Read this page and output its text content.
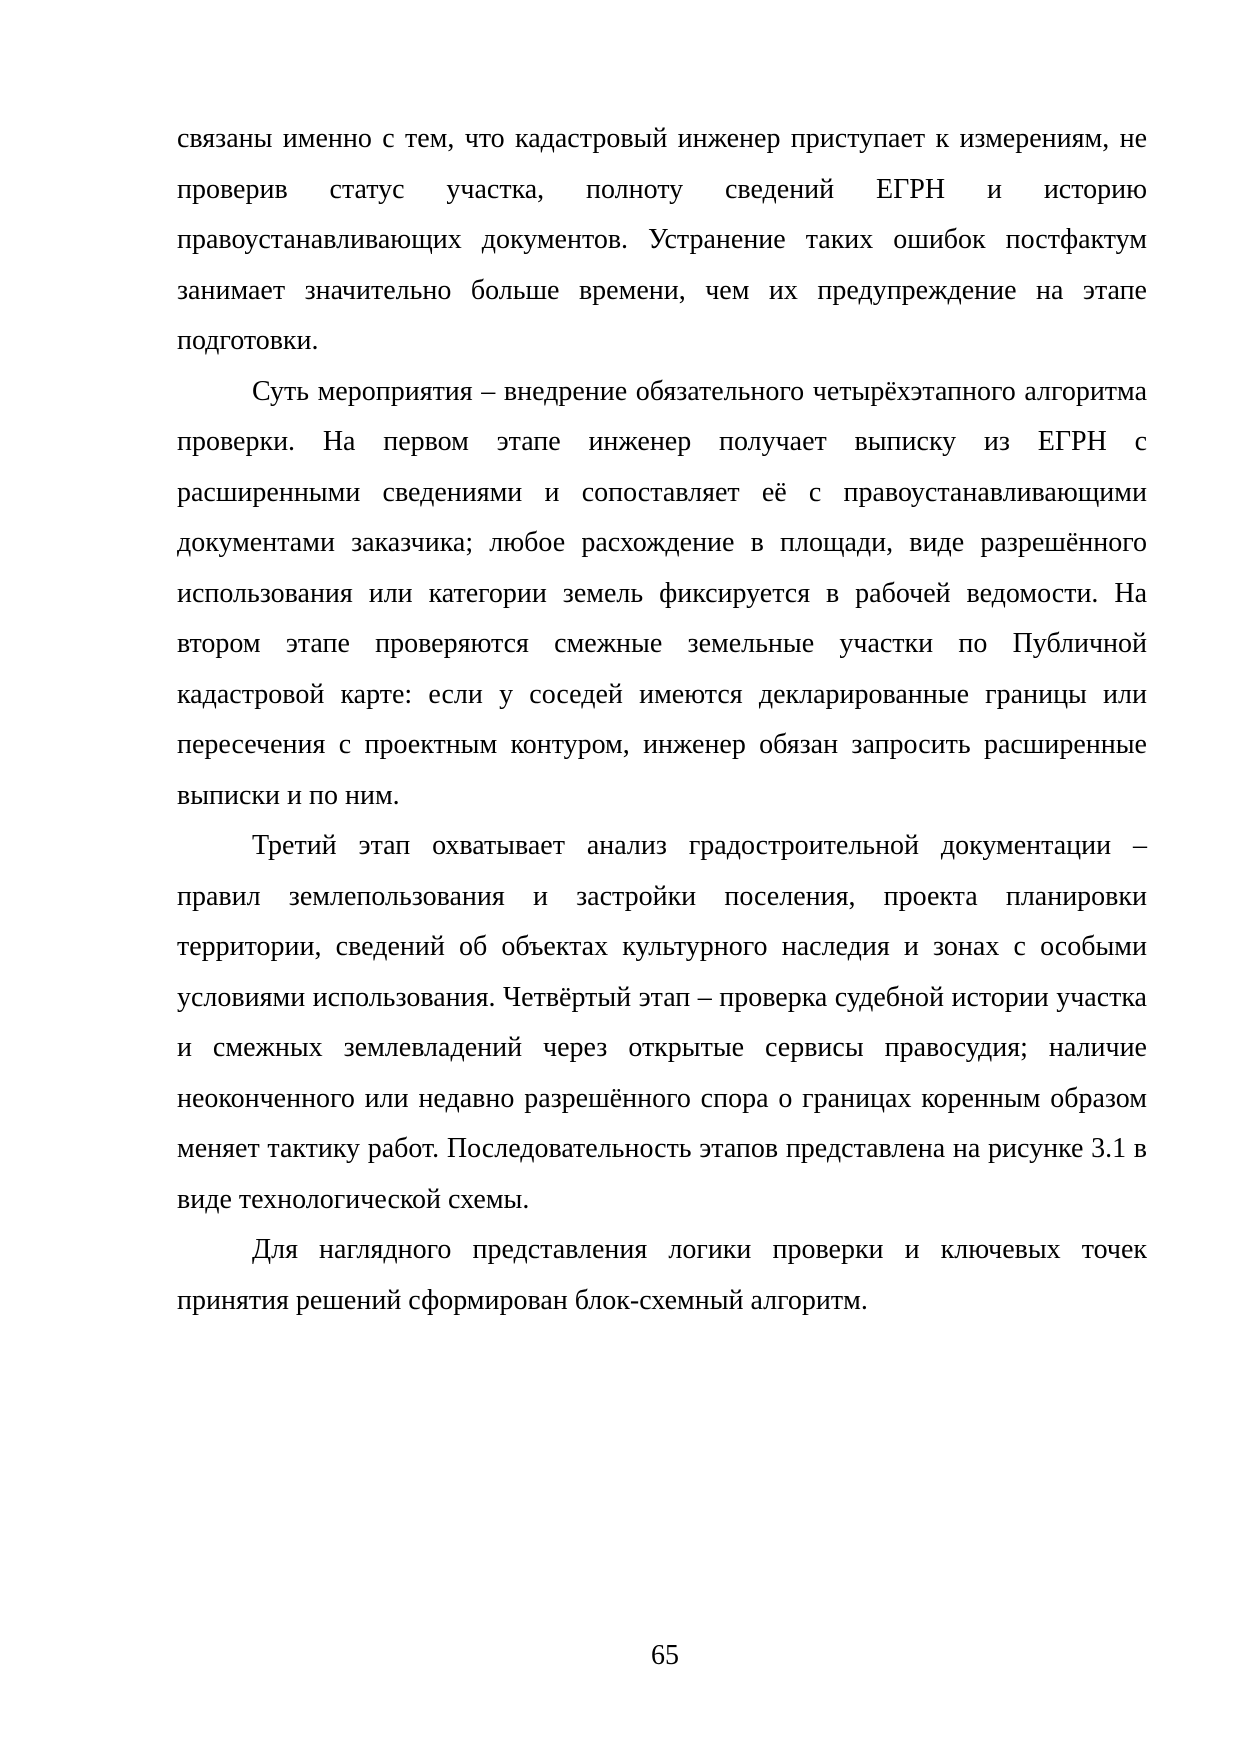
связаны именно с тем, что кадастровый инженер приступает к измерениям, не проверив статус участка, полноту сведений ЕГРН и историю правоустанавливающих документов. Устранение таких ошибок постфактум занимает значительно больше времени, чем их предупреждение на этапе подготовки.

Суть мероприятия – внедрение обязательного четырёхэтапного алгоритма проверки. На первом этапе инженер получает выписку из ЕГРН с расширенными сведениями и сопоставляет её с правоустанавливающими документами заказчика; любое расхождение в площади, виде разрешённого использования или категории земель фиксируется в рабочей ведомости. На втором этапе проверяются смежные земельные участки по Публичной кадастровой карте: если у соседей имеются декларированные границы или пересечения с проектным контуром, инженер обязан запросить расширенные выписки и по ним.

Третий этап охватывает анализ градостроительной документации – правил землепользования и застройки поселения, проекта планировки территории, сведений об объектах культурного наследия и зонах с особыми условиями использования. Четвёртый этап – проверка судебной истории участка и смежных землевладений через открытые сервисы правосудия; наличие неоконченного или недавно разрешённого спора о границах коренным образом меняет тактику работ. Последовательность этапов представлена на рисунке 3.1 в виде технологической схемы.

Для наглядного представления логики проверки и ключевых точек принятия решений сформирован блок-схемный алгоритм.

65
